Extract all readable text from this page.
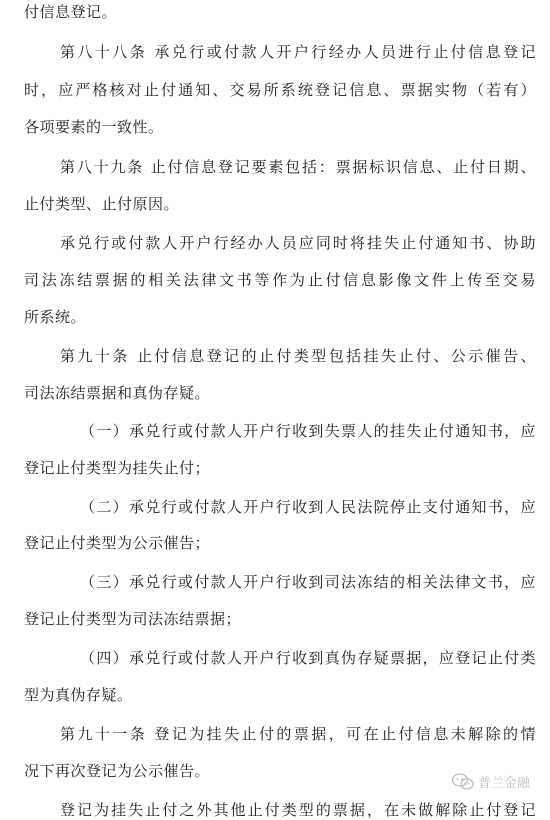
付信息登记。
第八十八条 承兑行或付款人开户行经办人员进行止付信息登记
时，应严格核对止付通知、交易所系统登记信息、票据实物（若有）
各项要素的一致性。
第八十九条 止付信息登记要素包括：票据标识信息、止付日期、
止付类型、止付原因。
承兑行或付款人开户行经办人员应同时将挂失止付通知书、协助
司法冻结票据的相关法律文书等作为止付信息影像文件上传至交易
所系统。
第九十条 止付信息登记的止付类型包括挂失止付、公示催告、
司法冻结票据和真伪存疑。
（一）承兑行或付款人开户行收到失票人的挂失止付通知书，应
登记止付类型为挂失止付；
（二）承兑行或付款人开户行收到人民法院停止支付通知书，应
登记止付类型为公示催告；
（三）承兑行或付款人开户行收到司法冻结的相关法律文书，应
登记止付类型为司法冻结票据；
（四）承兑行或付款人开户行收到真伪存疑票据，应登记止付类
型为真伪存疑。
第九十一条 登记为挂失止付的票据，可在止付信息未解除的情
况下再次登记为公示催告。
登记为挂失止付之外其他止付类型的票据，在未做解除止付登记
普兰金融
